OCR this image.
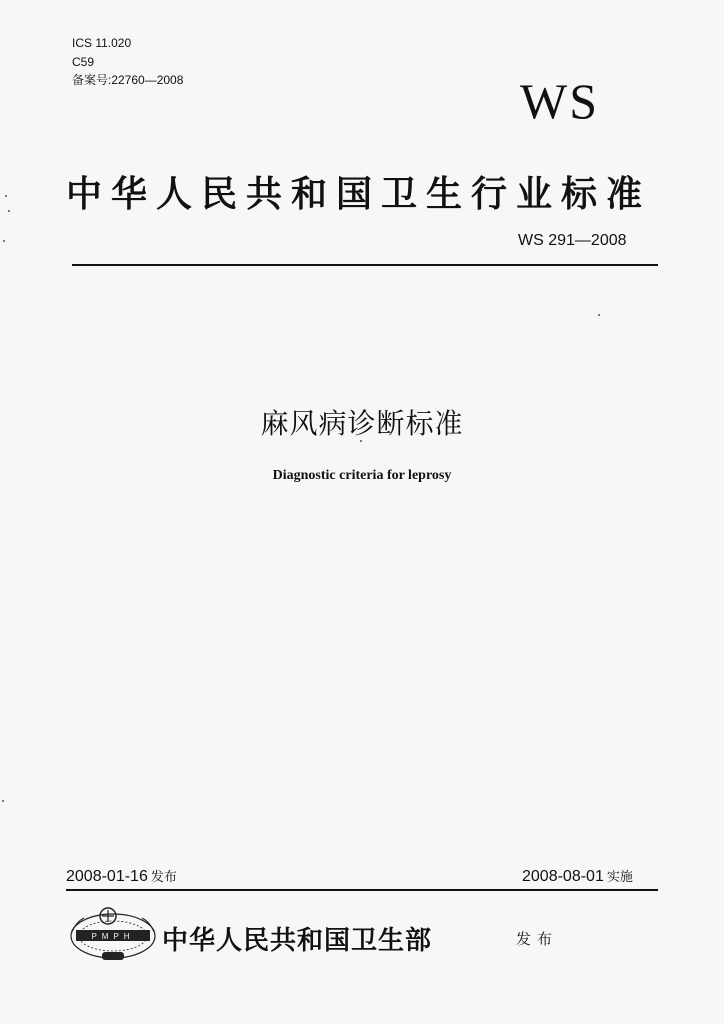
ICS 11.020
C59
备案号:22760—2008	WS
中华人民共和国卫生行业标准
WS 291—2008
麻风病诊断标准
Diagnostic criteria for leprosy
2008-01-16 发布	2008-08-01 实施
PMPH 中华人民共和国卫生部	发布
